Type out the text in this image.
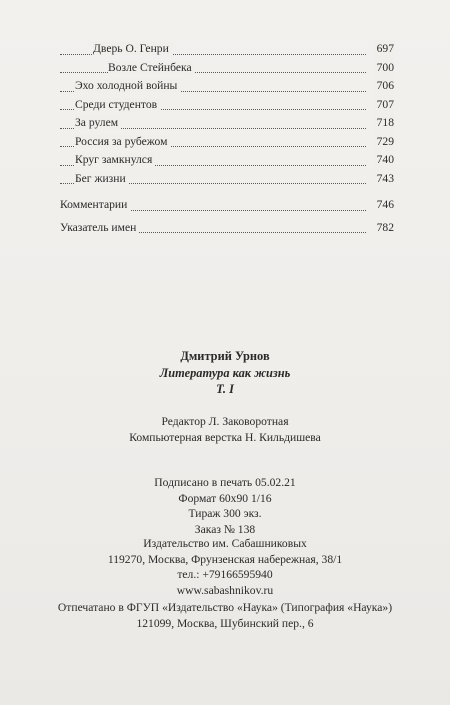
Дверь О. Генри	697
Возле Стейнбека	700
Эхо холодной войны	706
Среди студентов	707
За рулем	718
Россия за рубежом	729
Круг замкнулся	740
Бег жизни	743
Комментарии	746
Указатель имен	782
Дмитрий Урнов
Литература как жизнь
Т. I
Редактор Л. Заковоротная
Компьютерная верстка Н. Кильдишева
Подписано в печать 05.02.21
Формат 60х90 1/16
Тираж 300 экз.
Заказ № 138
Издательство им. Сабашниковых
119270, Москва, Фрунзенская набережная, 38/1
тел.: +79166595940
www.sabashnikov.ru
Отпечатано в ФГУП «Издательство «Наука» (Типография «Наука»)
121099, Москва, Шубинский пер., 6
